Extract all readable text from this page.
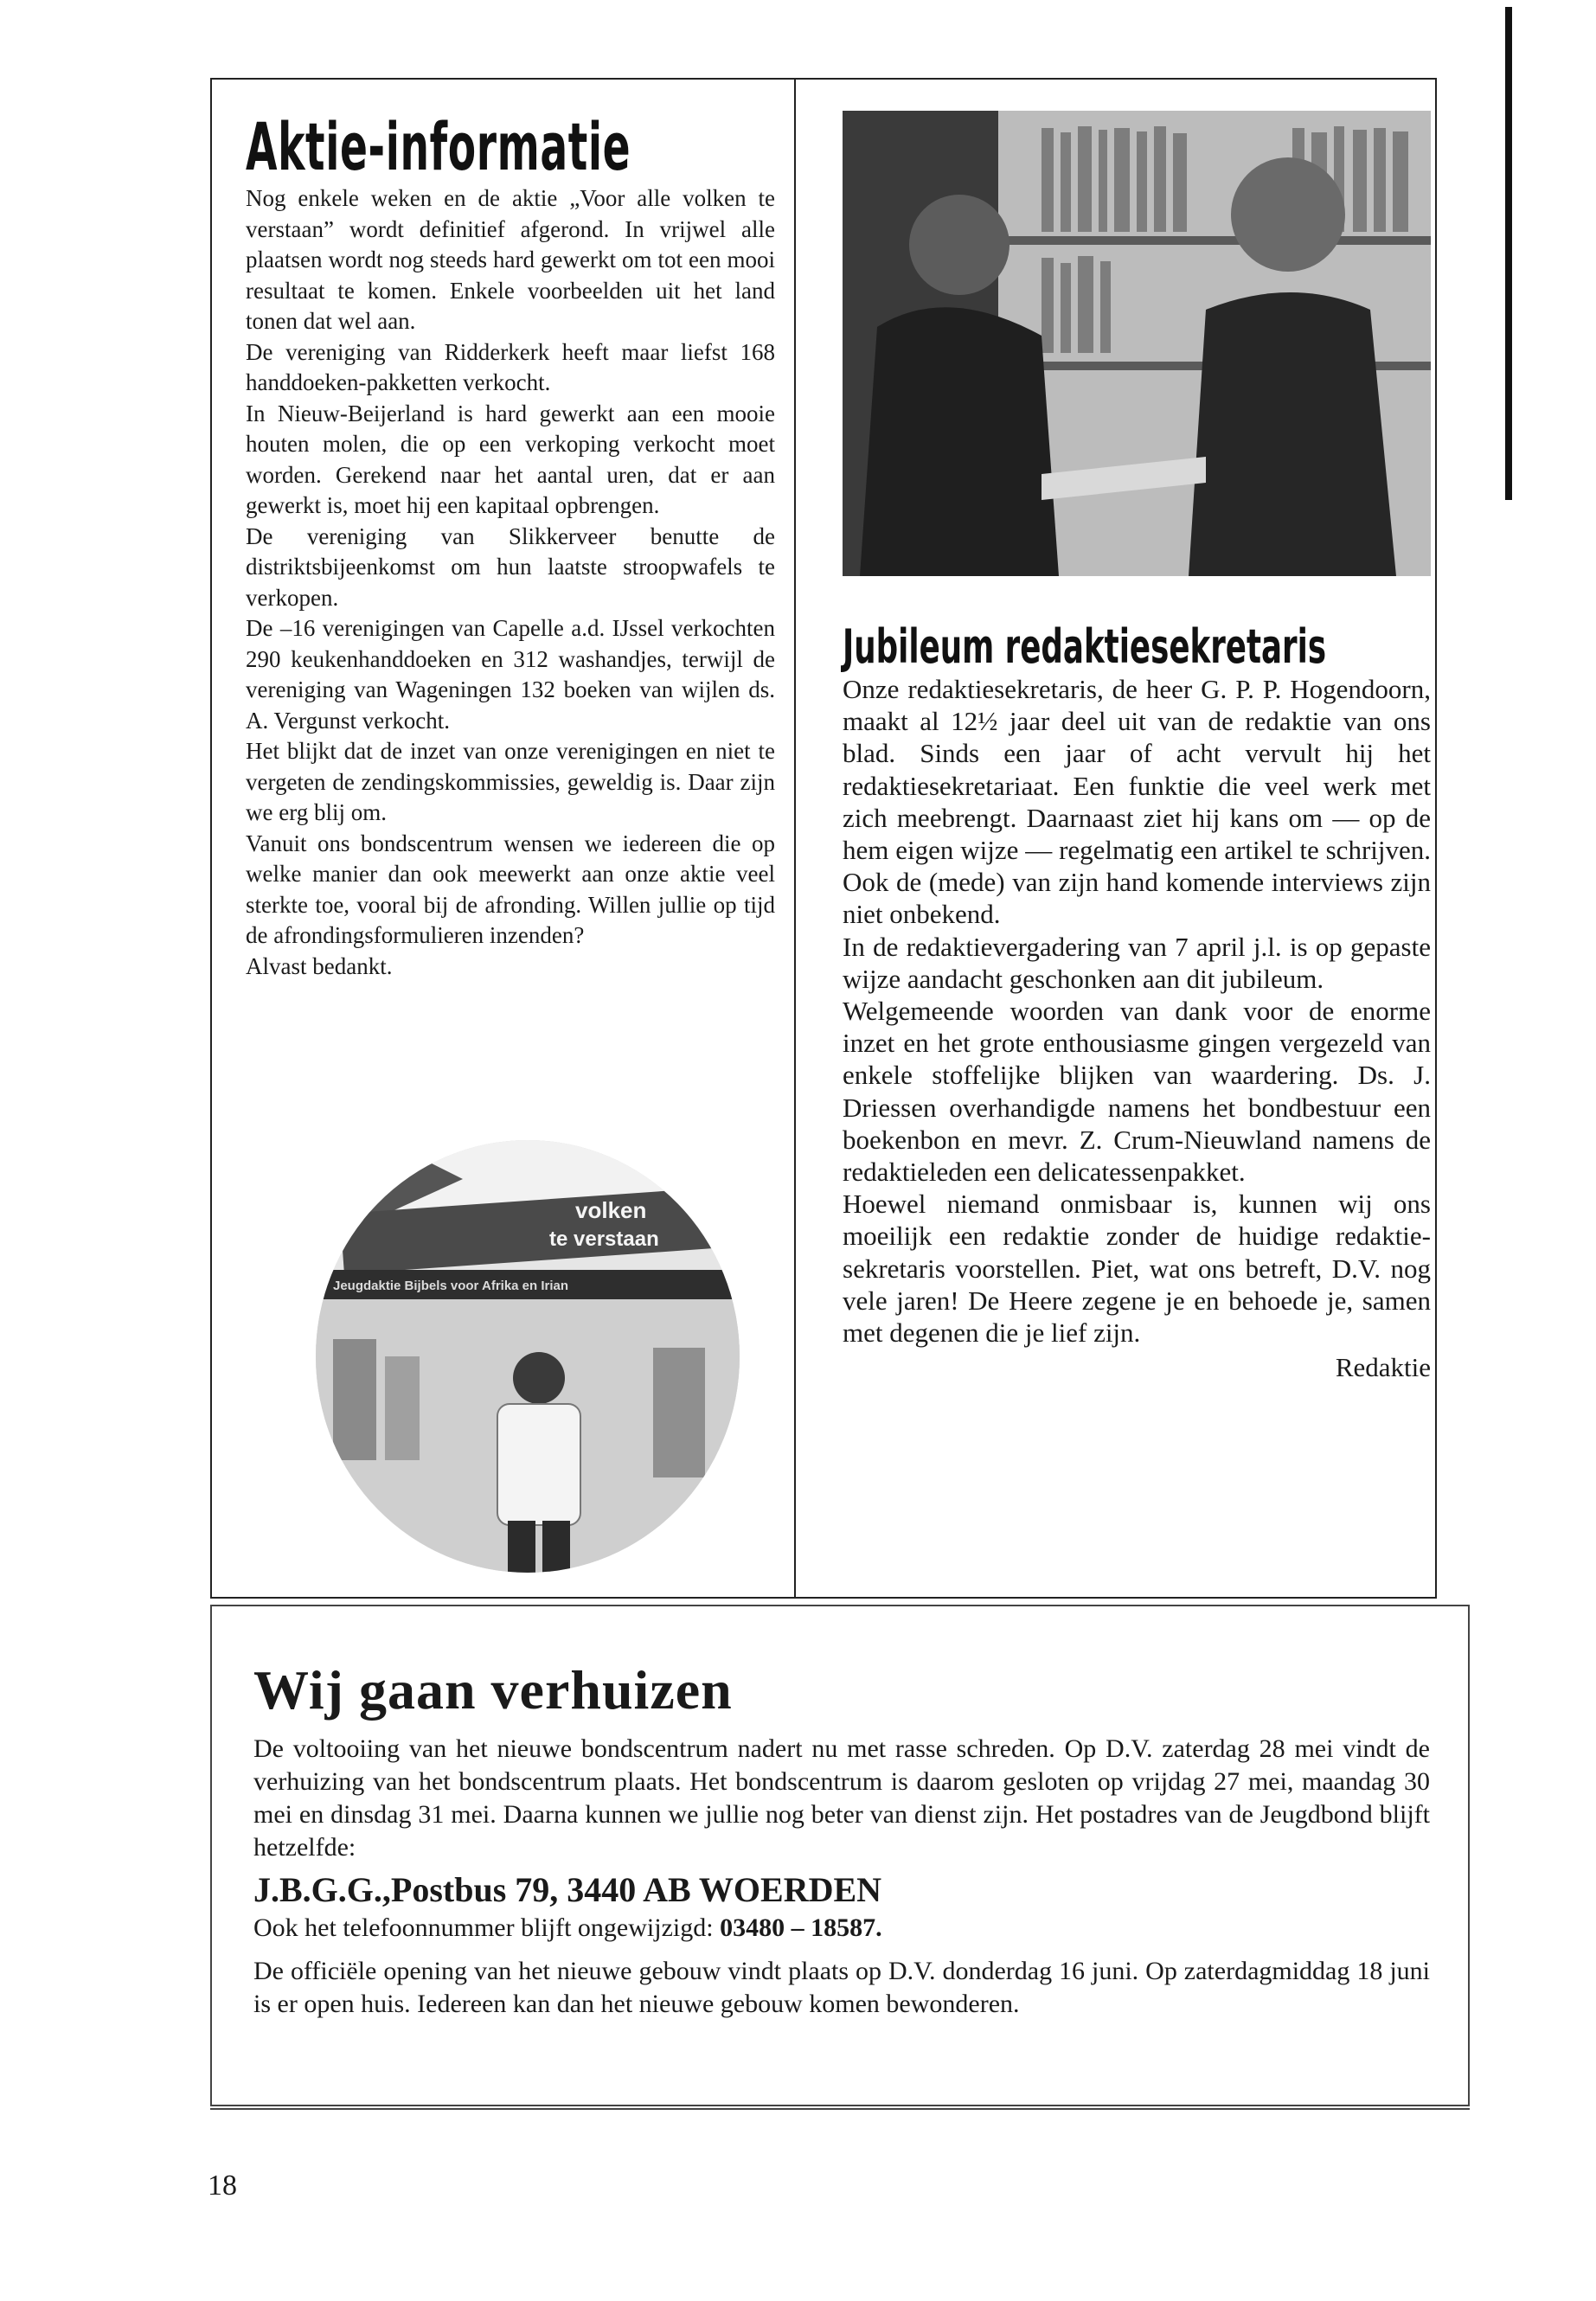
Aktie-informatie

Nog enkele weken en de aktie „Voor alle volken te verstaan” wordt definitief afgerond. In vrijwel alle plaatsen wordt nog steeds hard gewerkt om tot een mooi resultaat te komen. Enkele voorbeelden uit het land tonen dat wel aan.

De vereniging van Ridderkerk heeft maar liefst 168 handdoeken-pakketten verkocht.

In Nieuw-Beijerland is hard gewerkt aan een mooie houten molen, die op een verkoping verkocht moet worden. Gerekend naar het aantal uren, dat er aan gewerkt is, moet hij een kapitaal opbrengen.

De vereniging van Slikkerveer benutte de distriktsbijeenkomst om hun laatste stroopwafels te verkopen.

De –16 verenigingen van Capelle a.d. IJssel verkochten 290 keukenhanddoeken en 312 washandjes, terwijl de vereniging van Wageningen 132 boeken van wijlen ds. A. Vergunst verkocht.

Het blijkt dat de inzet van onze verenigingen en niet te vergeten de zendingskommissies, geweldig is. Daar zijn we erg blij om.

Vanuit ons bondscentrum wensen we iedereen die op welke manier dan ook meewerkt aan onze aktie veel sterkte toe, vooral bij de afronding. Willen jullie op tijd de afrondingsformulieren inzenden?

Alvast bedankt.

volken
te verstaan
Jeugdaktie Bijbels voor Afrika en Irian
Jubileum redaktiesekretaris

Onze redaktiesekretaris, de heer G. P. P. Hogendoorn, maakt al 12½ jaar deel uit van de redaktie van ons blad. Sinds een jaar of acht vervult hij het redaktiesekretariaat. Een funktie die veel werk met zich meebrengt. Daarnaast ziet hij kans om — op de hem eigen wijze — regelmatig een artikel te schrijven. Ook de (mede) van zijn hand komende interviews zijn niet onbekend.

In de redaktievergadering van 7 april j.l. is op gepaste wijze aandacht geschonken aan dit jubileum.

Welgemeende woorden van dank voor de enorme inzet en het grote enthousiasme gingen vergezeld van enkele stoffelijke blijken van waardering. Ds. J. Driessen overhandigde namens het bondbestuur een boekenbon en mevr. Z. Crum-Nieuwland namens de redaktieleden een delicatessenpakket.

Hoewel niemand onmisbaar is, kunnen wij ons moeilijk een redaktie zonder de huidige redaktie-sekretaris voorstellen. Piet, wat ons betreft, D.V. nog vele jaren! De Heere zegene je en behoede je, samen met degenen die je lief zijn.

Redaktie

Wij gaan verhuizen

De voltooiing van het nieuwe bondscentrum nadert nu met rasse schreden. Op D.V. zaterdag 28 mei vindt de verhuizing van het bondscentrum plaats. Het bondscentrum is daarom gesloten op vrijdag 27 mei, maandag 30 mei en dinsdag 31 mei. Daarna kunnen we jullie nog beter van dienst zijn. Het postadres van de Jeugdbond blijft hetzelfde:

J.B.G.G.,Postbus 79, 3440 AB WOERDEN

Ook het telefoonnummer blijft ongewijzigd: 03480 – 18587.

De officiële opening van het nieuwe gebouw vindt plaats op D.V. donderdag 16 juni. Op zaterdagmiddag 18 juni is er open huis. Iedereen kan dan het nieuwe gebouw komen bewonderen.

18
